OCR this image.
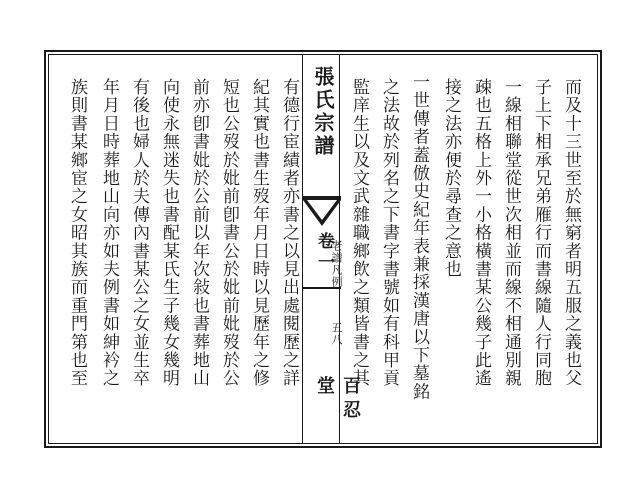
而及十三世至於無窮者明五服之義也父
子上下相承兄弟雁行而書線隨人行同胞
一線相聯堂從世次相並而線不相通別親
疎也五格上外一小格橫書某公幾子此遙
接之法亦便於尋查之意也
一世傳者蓋倣史紀年表兼採漢唐以下墓銘
之法故於列名之下書字書號如有科甲貢
監庠生以及文武雜職鄉飲之類皆書之其
張氏宗譜
卷一
百忍堂
老譜凡例
五八
有德行宦績者亦書之以見出處閱歷之詳
紀其實也書生歿年月日時以見歷年之修
短也公歿於妣前卽書公於妣前妣歿於公
前亦卽書妣於公前以年次敍也書葬地山
向使永無迷失也書配某氏生子幾女幾明
有後也婦人於夫傳內書某公之女並生卒
年月日時葬地山向亦如夫例書如紳衿之
族則書某鄉宦之女昭其族而重門第也至
